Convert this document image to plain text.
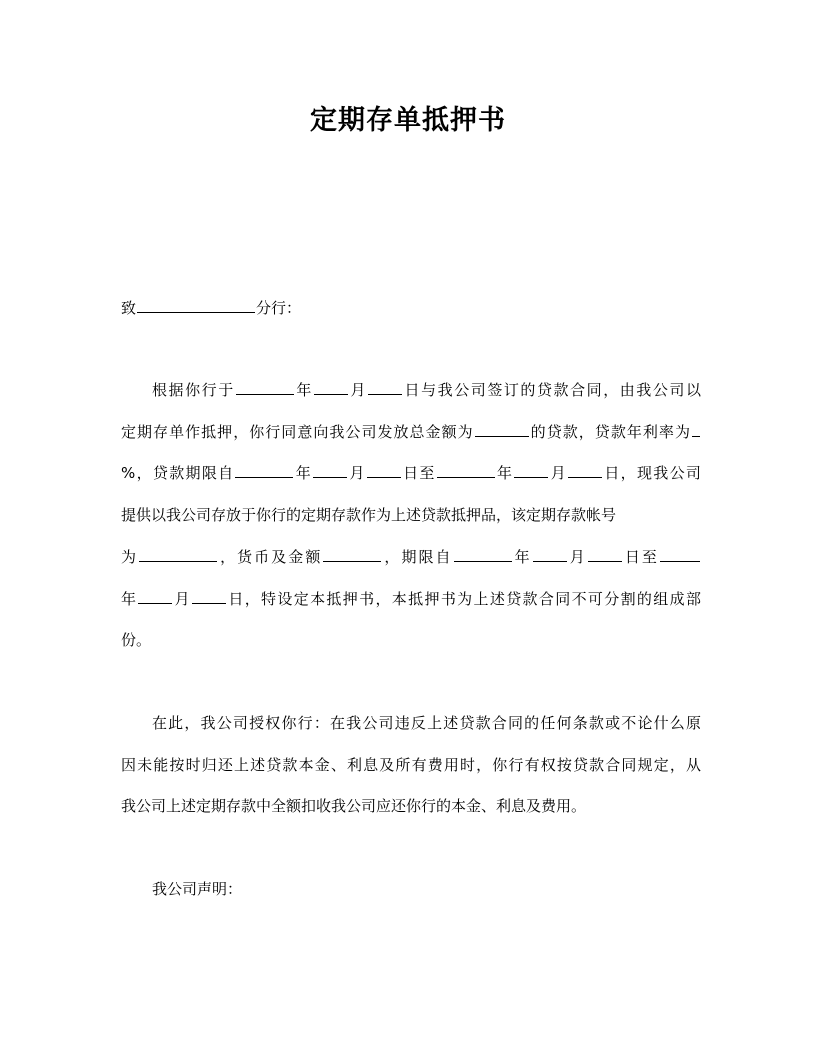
定期存单抵押书
致	分行：
根据你行于	年 月 日与我公司签订的贷款合同，由我公司以
定期存单作抵押，你行同意向我公司发放总金额为	的贷款，贷款年利率为
%，贷款期限自	年 月 日至	年 月 日，现我公司
提供以我公司存放于你行的定期存款作为上述贷款抵押品，该定期存款帐号
为	，货币及金额	，期限自	年 月 日至
年 月 日，特设定本抵押书，本抵押书为上述贷款合同不可分割的组成部
份。
在此，我公司授权你行：在我公司违反上述贷款合同的任何条款或不论什么原
因未能按时归还上述贷款本金、利息及所有费用时，你行有权按贷款合同规定，从
我公司上述定期存款中全额扣收我公司应还你行的本金、利息及费用。
我公司声明：
